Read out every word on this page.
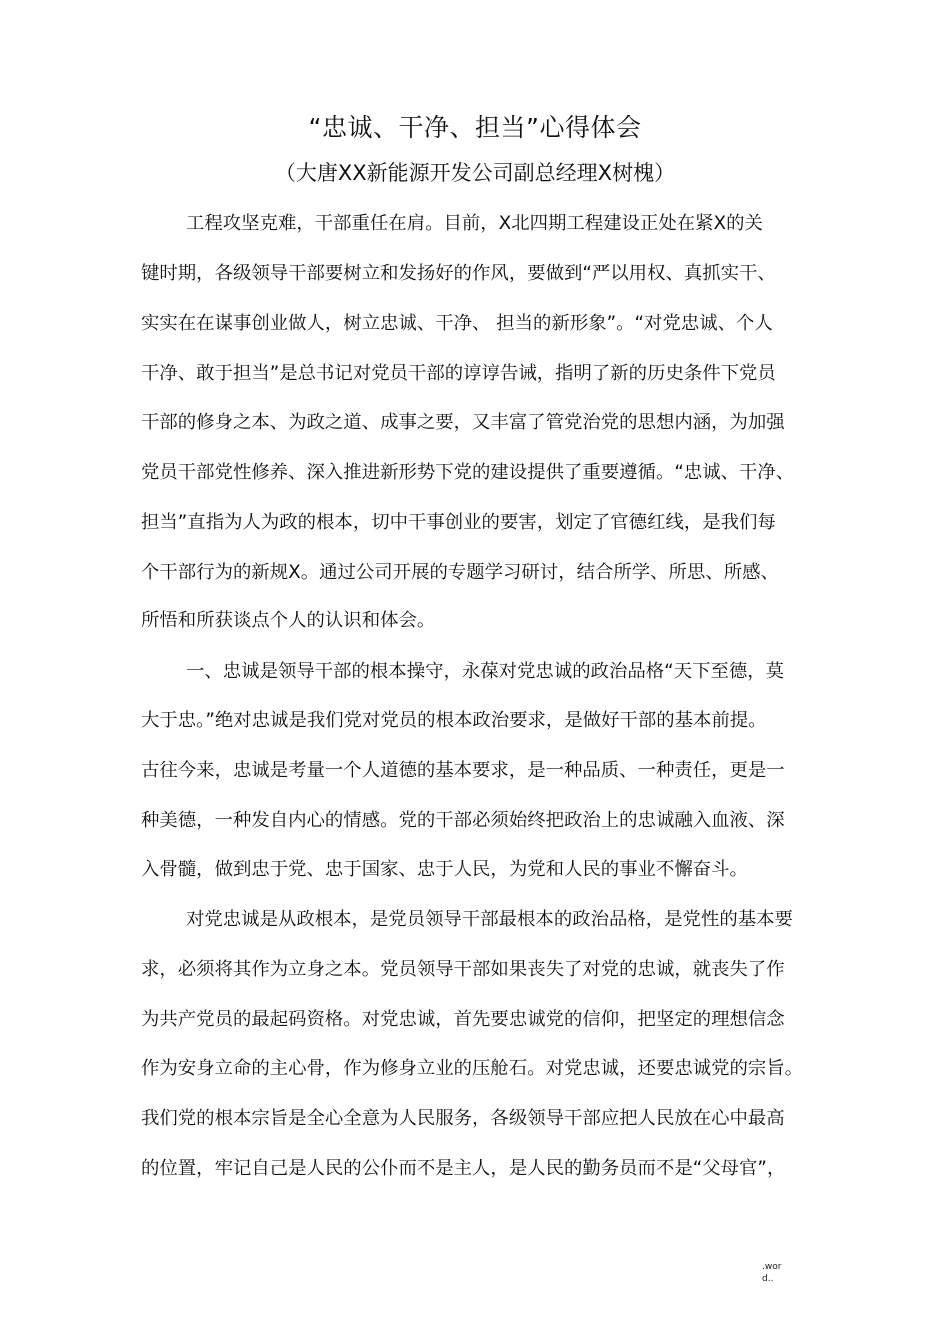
“忠诚、干净、担当”心得体会
（大唐XX新能源开发公司副总经理X树槐）
工程攻坚克难，干部重任在肩。目前，X北四期工程建设正处在紧X的关
键时期，各级领导干部要树立和发扬好的作风，要做到“严以用权、真抓实干、
实实在在谋事创业做人，树立忠诚、干净、 担当的新形象”。“对党忠诚、个人
干净、敢于担当”是总书记对党员干部的谆谆告诫，指明了新的历史条件下党员
干部的修身之本、为政之道、成事之要，又丰富了管党治党的思想内涵，为加强
党员干部党性修养、深入推进新形势下党的建设提供了重要遵循。“忠诚、干净、
担当”直指为人为政的根本，切中干事创业的要害，划定了官德红线，是我们每
个干部行为的新规X。通过公司开展的专题学习研讨，结合所学、所思、所感、
所悟和所获谈点个人的认识和体会。
一、忠诚是领导干部的根本操守，永葆对党忠诚的政治品格“天下至德，莫
大于忠。”绝对忠诚是我们党对党员的根本政治要求，是做好干部的基本前提。
古往今来，忠诚是考量一个人道德的基本要求，是一种品质、一种责任，更是一
种美德，一种发自内心的情感。党的干部必须始终把政治上的忠诚融入血液、深
入骨髓，做到忠于党、忠于国家、忠于人民，为党和人民的事业不懈奋斗。
对党忠诚是从政根本，是党员领导干部最根本的政治品格，是党性的基本要
求，必须将其作为立身之本。党员领导干部如果丧失了对党的忠诚，就丧失了作
为共产党员的最起码资格。对党忠诚，首先要忠诚党的信仰，把坚定的理想信念
作为安身立命的主心骨，作为修身立业的压舱石。对党忠诚，还要忠诚党的宗旨。
我们党的根本宗旨是全心全意为人民服务，各级领导干部应把人民放在心中最高
的位置，牢记自己是人民的公仆而不是主人，是人民的勤务员而不是“父母官”，
.wor
d..
